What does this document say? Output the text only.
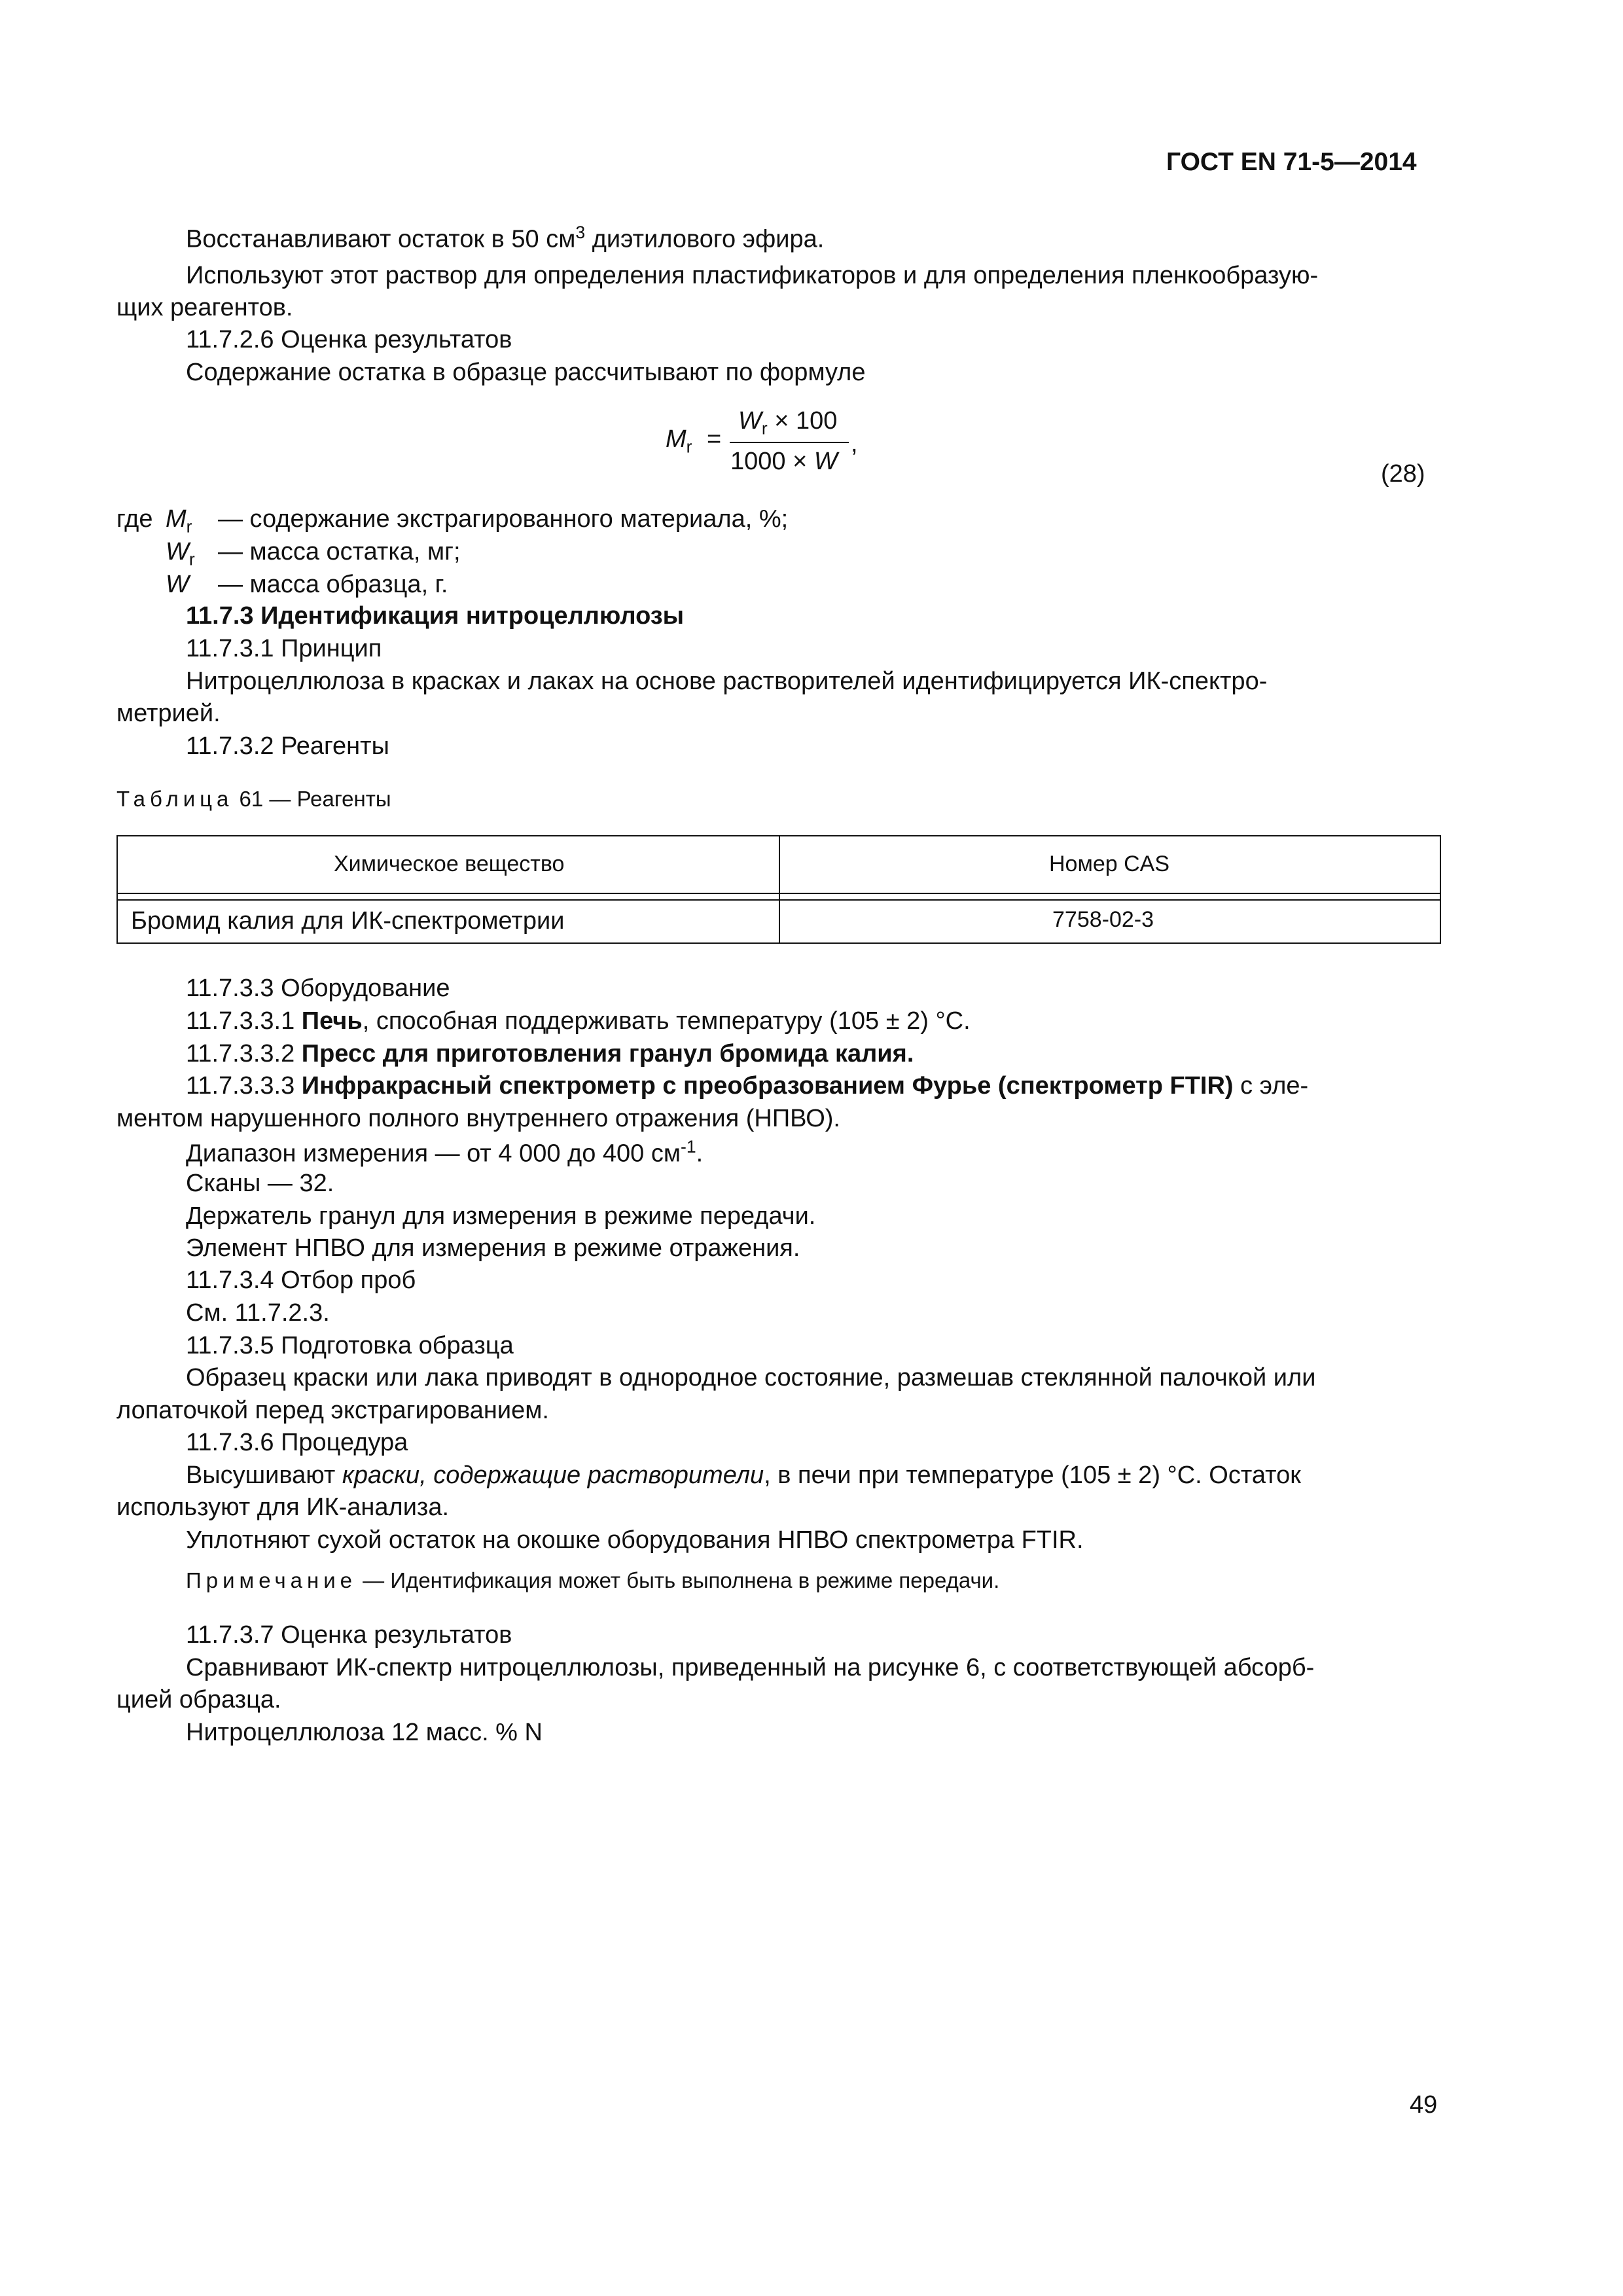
ГОСТ EN 71-5—2014
Восстанавливают остаток в 50 $см^3$ диэтилового эфира.
Используют этот раствор для определения пластификаторов и для определения пленкообразую-
щих реагентов.
11.7.2.6 Оценка результатов
Содержание остатка в образце рассчитывают по формуле
$M_r$ =
$W_r \times 100$
1000 × W
,
(28)
где $M_r$ — содержание экстрагированного материала, %;
$W_r$ — масса остатка, мг;
W — масса образца, г.
11.7.3 Идентификация нитроцеллюлозы
11.7.3.1 Принцип
Нитроцеллюлоза в красках и лаках на основе растворителей идентифицируется ИК-спектро-
метрией.
11.7.3.2 Реагенты
Таблица 61 — Реагенты
Химическое вещество	Номер CAS
Бромид калия для ИК-спектрометрии	7758-02-3
11.7.3.3 Оборудование
11.7.3.3.1 Печь, способная поддерживать температуру (105 ± 2) °С.
11.7.3.3.2 Пресс для приготовления гранул бромида калия.
11.7.3.3.3 Инфракрасный спектрометр с преобразованием Фурье (спектрометр FTIR) с эле-
ментом нарушенного полного внутреннего отражения (НПВО).
Диапазон измерения — от 4 000 до 400 $см^{-1}$.
Сканы — 32.
Держатель гранул для измерения в режиме передачи.
Элемент НПВО для измерения в режиме отражения.
11.7.3.4 Отбор проб
См. 11.7.2.3.
11.7.3.5 Подготовка образца
Образец краски или лака приводят в однородное состояние, размешав стеклянной палочкой или
лопаточкой перед экстрагированием.
11.7.3.6 Процедура
Высушивают краски, содержащие растворители, в печи при температуре (105 ± 2) °С. Остаток
используют для ИК-анализа.
Уплотняют сухой остаток на окошке оборудования НПВО спектрометра FTIR.
Примечание — Идентификация может быть выполнена в режиме передачи.
11.7.3.7 Оценка результатов
Сравнивают ИК-спектр нитроцеллюлозы, приведенный на рисунке 6, с соответствующей абсорб-
цией образца.
Нитроцеллюлоза 12 масс. % N
49
